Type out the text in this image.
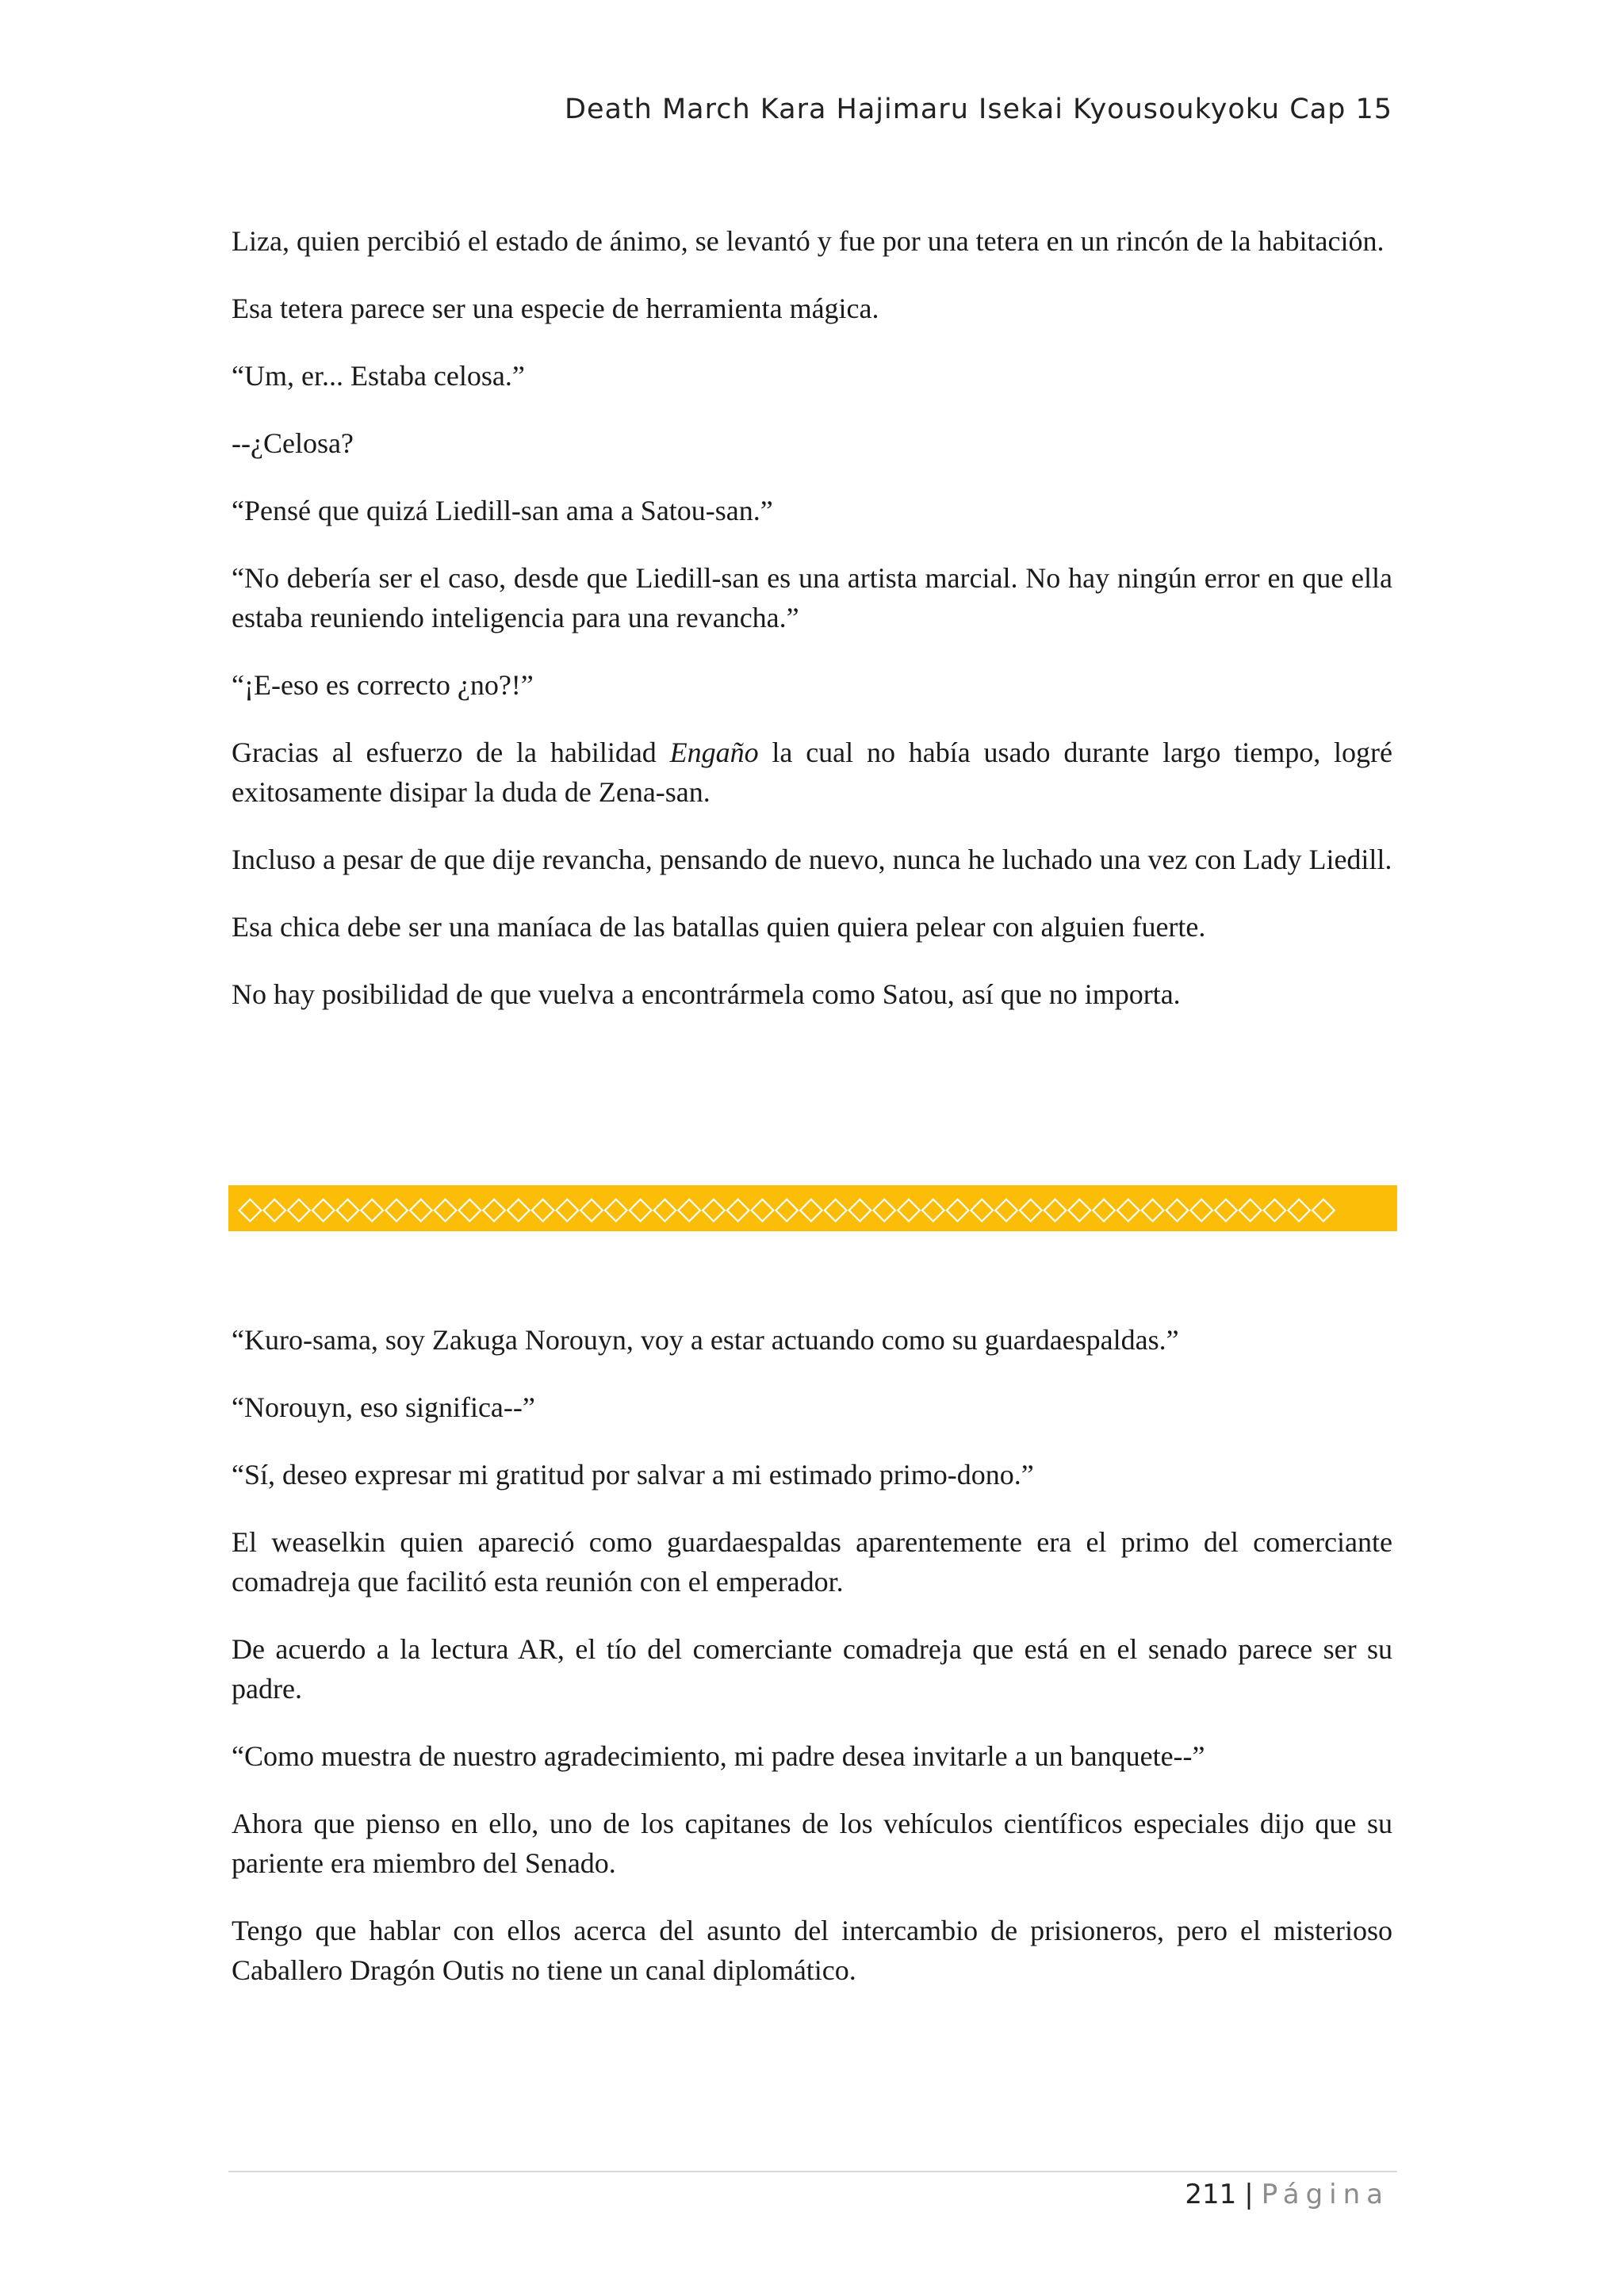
Death March Kara Hajimaru Isekai Kyousoukyoku Cap 15

Liza, quien percibió el estado de ánimo, se levantó y fue por una tetera en un rincón de la habitación.

Esa tetera parece ser una especie de herramienta mágica.

“Um, er... Estaba celosa.”

--¿Celosa?

“Pensé que quizá Liedill-san ama a Satou-san.”

“No debería ser el caso, desde que Liedill-san es una artista marcial. No hay ningún error en que ella estaba reuniendo inteligencia para una revancha.”

“¡E-eso es correcto ¿no?!”

Gracias al esfuerzo de la habilidad Engaño la cual no había usado durante largo tiempo, logré exitosamente disipar la duda de Zena-san.

Incluso a pesar de que dije revancha, pensando de nuevo, nunca he luchado una vez con Lady Liedill.

Esa chica debe ser una maníaca de las batallas quien quiera pelear con alguien fuerte.

No hay posibilidad de que vuelva a encontrármela como Satou, así que no importa.

◇◇◇◇◇◇◇◇◇◇◇◇◇◇◇◇◇◇◇◇◇◇◇◇◇◇◇◇◇◇◇◇◇◇◇◇◇◇◇◇◇◇◇◇◇

“Kuro-sama, soy Zakuga Norouyn, voy a estar actuando como su guardaespaldas.”

“Norouyn, eso significa--”

“Sí, deseo expresar mi gratitud por salvar a mi estimado primo-dono.”

El weaselkin quien apareció como guardaespaldas aparentemente era el primo del comerciante comadreja que facilitó esta reunión con el emperador.

De acuerdo a la lectura AR, el tío del comerciante comadreja que está en el senado parece ser su padre.

“Como muestra de nuestro agradecimiento, mi padre desea invitarle a un banquete--”

Ahora que pienso en ello, uno de los capitanes de los vehículos científicos especiales dijo que su pariente era miembro del Senado.

Tengo que hablar con ellos acerca del asunto del intercambio de prisioneros, pero el misterioso Caballero Dragón Outis no tiene un canal diplomático.

211 | Página
